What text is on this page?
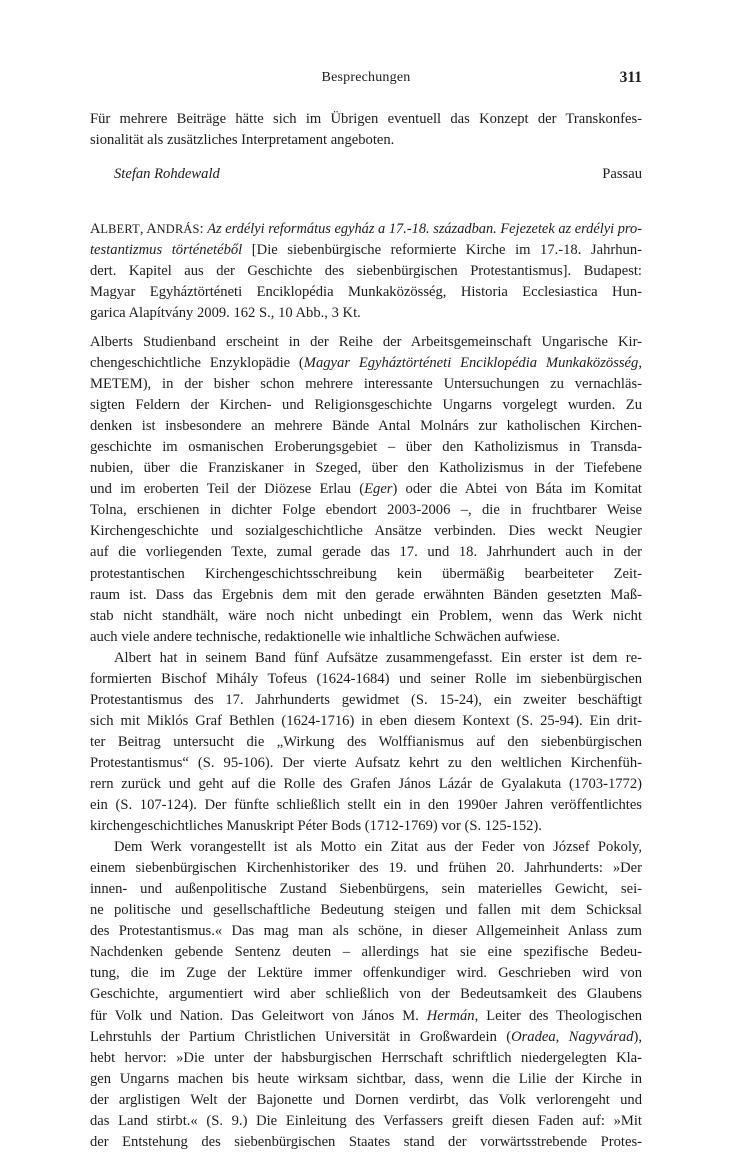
Besprechungen	311
Für mehrere Beiträge hätte sich im Übrigen eventuell das Konzept der Transkonfes-
sionalität als zusätzliches Interpretament angeboten.
Stefan Rohdewald	Passau
ALBERT, ANDRÁS: Az erdélyi református egyház a 17.-18. században. Fejezetek az erdélyi pro-
testantizmus történetéből [Die siebenbürgische reformierte Kirche im 17.-18. Jahrhun-
dert. Kapitel aus der Geschichte des siebenbürgischen Protestantismus]. Budapest:
Magyar Egyháztörténeti Enciklopédia Munkaközösség, Historia Ecclesiastica Hun-
garica Alapítvány 2009. 162 S., 10 Abb., 3 Kt.
Alberts Studienband erscheint in der Reihe der Arbeitsgemeinschaft Ungarische Kir-
chengeschichtliche Enzyklopädie (Magyar Egyháztörténeti Enciklopédia Munkaközösség,
METEM), in der bisher schon mehrere interessante Untersuchungen zu vernachläs-
sigten Feldern der Kirchen- und Religionsgeschichte Ungarns vorgelegt wurden. Zu
denken ist insbesondere an mehrere Bände Antal Molnárs zur katholischen Kirchen-
geschichte im osmanischen Eroberungsgebiet – über den Katholizismus in Transda-
nubien, über die Franziskaner in Szeged, über den Katholizismus in der Tiefebene
und im eroberten Teil der Diözese Erlau (Eger) oder die Abtei von Báta im Komitat
Tolna, erschienen in dichter Folge ebendort 2003-2006 –, die in fruchtbarer Weise
Kirchengeschichte und sozialgeschichtliche Ansätze verbinden. Dies weckt Neugier
auf die vorliegenden Texte, zumal gerade das 17. und 18. Jahrhundert auch in der
protestantischen Kirchengeschichtsschreibung kein übermäßig bearbeiteter Zeit-
raum ist. Dass das Ergebnis dem mit den gerade erwähnten Bänden gesetzten Maß-
stab nicht standhält, wäre noch nicht unbedingt ein Problem, wenn das Werk nicht
auch viele andere technische, redaktionelle wie inhaltliche Schwächen aufwiese.
Albert hat in seinem Band fünf Aufsätze zusammengefasst. Ein erster ist dem re-
formierten Bischof Mihály Tofeus (1624-1684) und seiner Rolle im siebenbürgischen
Protestantismus des 17. Jahrhunderts gewidmet (S. 15-24), ein zweiter beschäftigt
sich mit Miklós Graf Bethlen (1624-1716) in eben diesem Kontext (S. 25-94). Ein drit-
ter Beitrag untersucht die „Wirkung des Wolffianismus auf den siebenbürgischen
Protestantismus“ (S. 95-106). Der vierte Aufsatz kehrt zu den weltlichen Kirchenfüh-
rern zurück und geht auf die Rolle des Grafen János Lázár de Gyalakuta (1703-1772)
ein (S. 107-124). Der fünfte schließlich stellt ein in den 1990er Jahren veröffentlichtes
kirchengeschichtliches Manuskript Péter Bods (1712-1769) vor (S. 125-152).
Dem Werk vorangestellt ist als Motto ein Zitat aus der Feder von József Pokoly,
einem siebenbürgischen Kirchenhistoriker des 19. und frühen 20. Jahrhunderts: »Der
innen- und außenpolitische Zustand Siebenbürgens, sein materielles Gewicht, sei-
ne politische und gesellschaftliche Bedeutung steigen und fallen mit dem Schicksal
des Protestantismus.« Das mag man als schöne, in dieser Allgemeinheit Anlass zum
Nachdenken gebende Sentenz deuten – allerdings hat sie eine spezifische Bedeu-
tung, die im Zuge der Lektüre immer offenkundiger wird. Geschrieben wird von
Geschichte, argumentiert wird aber schließlich von der Bedeutsamkeit des Glaubens
für Volk und Nation. Das Geleitwort von János M. Hermán, Leiter des Theologischen
Lehrstuhls der Partium Christlichen Universität in Großwardein (Oradea, Nagyvárad),
hebt hervor: »Die unter der habsburgischen Herrschaft schriftlich niedergelegten Kla-
gen Ungarns machen bis heute wirksam sichtbar, dass, wenn die Lilie der Kirche in
der arglistigen Welt der Bajonette und Dornen verdirbt, das Volk verlorengeht und
das Land stirbt.« (S. 9.) Die Einleitung des Verfassers greift diesen Faden auf: »Mit
der Entstehung des siebenbürgischen Staates stand der vorwärtsstrebende Protes-
